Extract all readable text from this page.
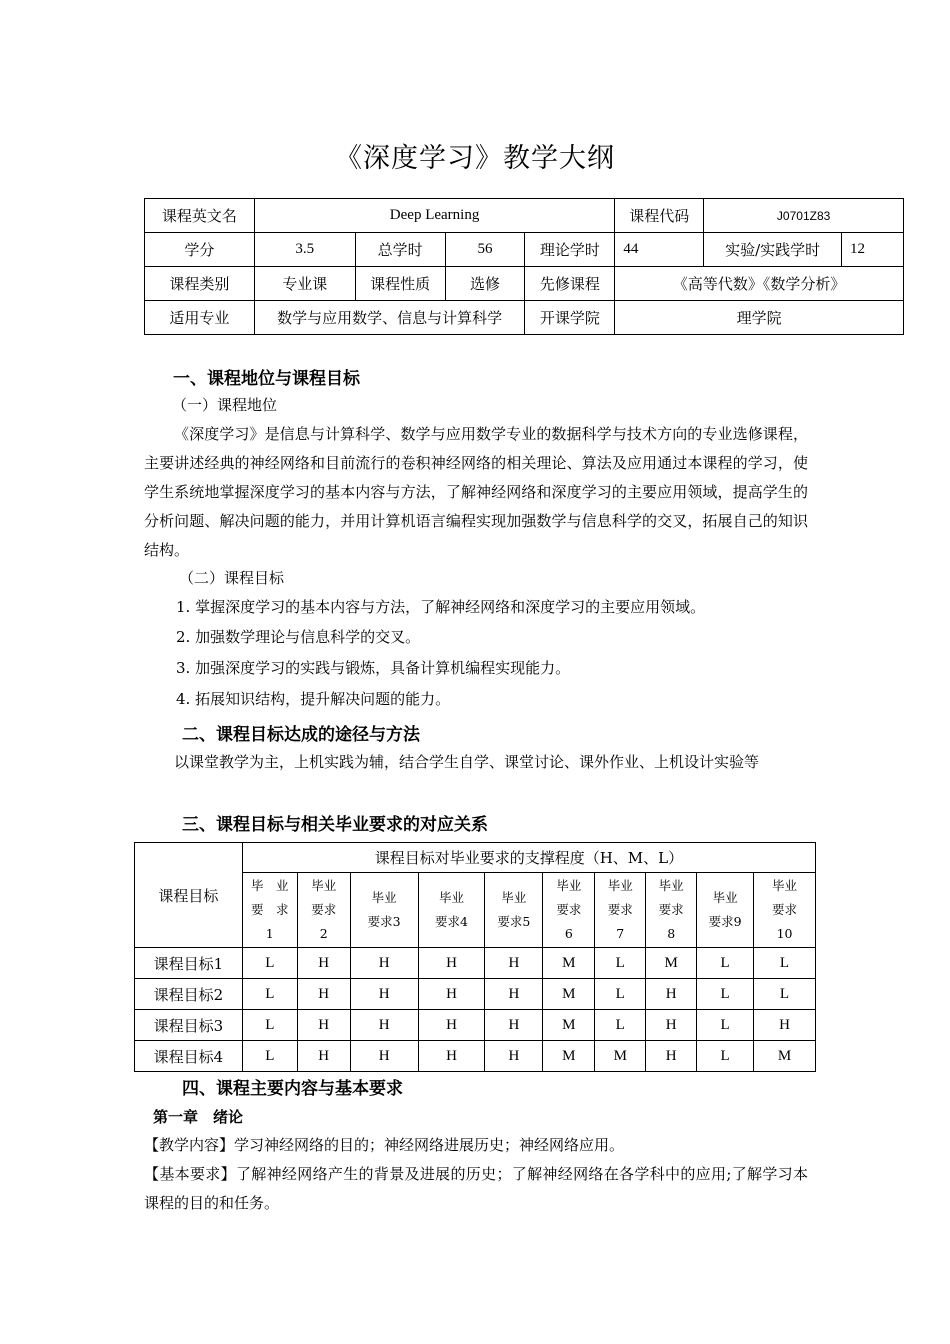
《深度学习》教学大纲
课程英文名	Deep Learning				课程代码	J0701Z83	
学分	3.5	总学时	56	理论学时	44	实验/实践学时	12
课程类别	专业课	课程性质	选修	先修课程	《高等代数》《数学分析》		
适用专业	数学与应用数学、信息与计算科学			开课学院	理学院		
一、课程地位与课程目标
（一）课程地位
《深度学习》是信息与计算科学、数学与应用数学专业的数据科学与技术方向的专业选修课程，主要讲述经典的神经网络和目前流行的卷积神经网络的相关理论、算法及应用通过本课程的学习，使学生系统地掌握深度学习的基本内容与方法，了解神经网络和深度学习的主要应用领域，提高学生的分析问题、解决问题的能力，并用计算机语言编程实现加强数学与信息科学的交叉，拓展自己的知识结构。
（二）课程目标
1. 掌握深度学习的基本内容与方法，了解神经网络和深度学习的主要应用领域。
2. 加强数学理论与信息科学的交叉。
3. 加强深度学习的实践与锻炼，具备计算机编程实现能力。
4. 拓展知识结构，提升解决问题的能力。
二、课程目标达成的途径与方法
以课堂教学为主，上机实践为辅，结合学生自学、课堂讨论、课外作业、上机设计实验等
三、课程目标与相关毕业要求的对应关系
课程目标	课程目标对毕业要求的支撑程度（H、M、L）									
	毕　业
要　求
1	毕业
要求
2	毕业
要求3	毕业
要求4	毕业
要求5	毕业
要求
6	毕业
要求
7	毕业
要求
8	毕业
要求9	毕业
要求
10
课程目标1	L	H	H	H	H	M	L	M	L	L
课程目标2	L	H	H	H	H	M	L	H	L	L
课程目标3	L	H	H	H	H	M	L	H	L	H
课程目标4	L	H	H	H	H	M	M	H	L	M
四、课程主要内容与基本要求
第一章　绪论
【教学内容】学习神经网络的目的；神经网络进展历史；神经网络应用。
【基本要求】了解神经网络产生的背景及进展的历史；了解神经网络在各学科中的应用;了解学习本课程的目的和任务。
